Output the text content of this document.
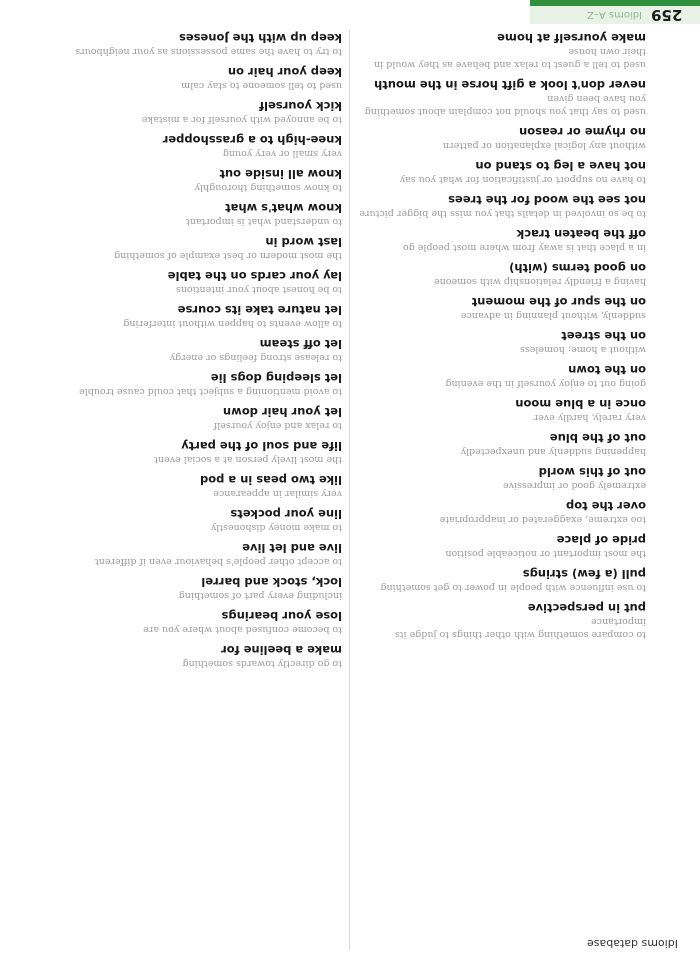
Idioms A–Z 259
used to tell a guest to relax and behave as they would in their own house
make yourself at home
used to say that you should not complain about something you have been given
never don't look a gift horse in the mouth
without any logical explanation or pattern
no rhyme or reason
to have no support or justification for what you say
not have a leg to stand on
to be so involved in details that you miss the bigger picture
not see the wood for the trees
in a place that is away from where most people go
off the beaten track
having a friendly relationship with someone
on good terms (with)
suddenly, without planning in advance
on the spur of the moment
without a home; homeless
on the street
going out to enjoy yourself in the evening
on the town
very rarely, hardly ever
once in a blue moon
happening suddenly and unexpectedly
out of the blue
extremely good or impressive
out of this world
too extreme, exaggerated or inappropriate
over the top
the most important or noticeable position
pride of place
to use influence with people in power to get something
pull (a few) strings
to compare something with other things to judge its importance
put in perspective
to try to have the same possessions as your neighbours
keep up with the Joneses
used to tell someone to stay calm
keep your hair on
to be annoyed with yourself for a mistake
kick yourself
very small or very young
knee-high to a grasshopper
to know something thoroughly
know all inside out
to understand what is important
know what's what
the most modern or best example of something
last word in
to be honest about your intentions
lay your cards on the table
to allow events to happen without interfering
let nature take its course
to release strong feelings or energy
let off steam
to avoid mentioning a subject that could cause trouble
let sleeping dogs lie
to relax and enjoy yourself
let your hair down
the most lively person at a social event
life and soul of the party
very similar in appearance
like two peas in a pod
to make money dishonestly
line your pockets
to accept other people's behaviour even if different
live and let live
including every part of something
lock, stock and barrel
to become confused about where you are
lose your bearings
to go directly towards something
make a beeline for
Idioms database
